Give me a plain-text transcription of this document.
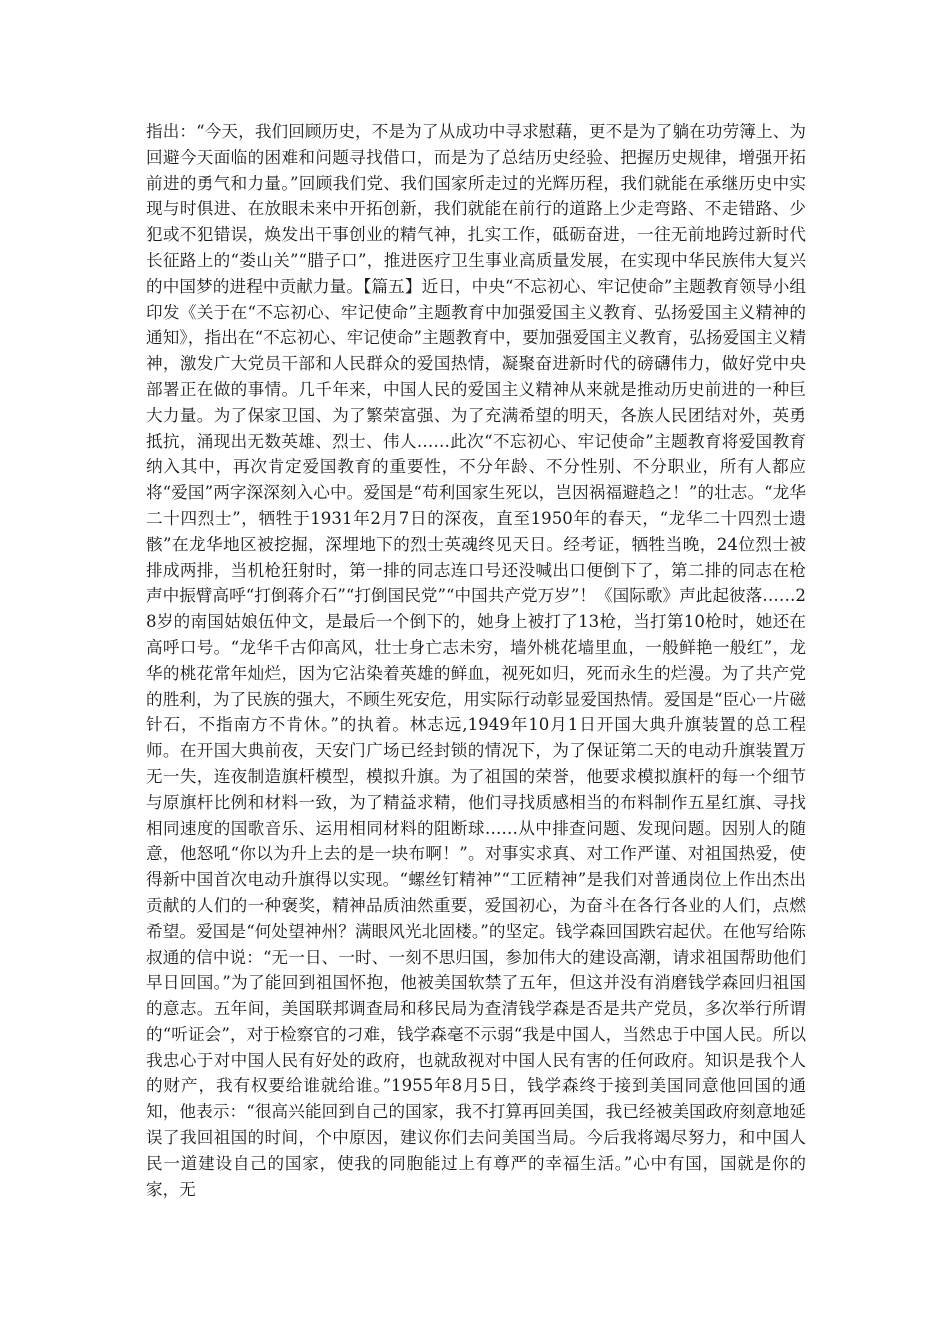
指出：“今天，我们回顾历史，不是为了从成功中寻求慰藉，更不是为了躺在功劳簿上、为回避今天面临的困难和问题寻找借口，而是为了总结历史经验、把握历史规律，增强开拓前进的勇气和力量。”回顾我们党、我们国家所走过的光辉历程，我们就能在承继历史中实现与时俱进、在放眼未来中开拓创新，我们就能在前行的道路上少走弯路、不走错路、少犯或不犯错误，焕发出干事创业的精气神，扎实工作，砥砺奋进，一往无前地跨过新时代长征路上的“娄山关”“腊子口”，推进医疗卫生事业高质量发展，在实现中华民族伟大复兴的中国梦的进程中贡献力量。【篇五】近日，中央“不忘初心、牢记使命”主题教育领导小组印发《关于在“不忘初心、牢记使命”主题教育中加强爱国主义教育、弘扬爱国主义精神的通知》，指出在“不忘初心、牢记使命”主题教育中，要加强爱国主义教育，弘扬爱国主义精神，激发广大党员干部和人民群众的爱国热情，凝聚奋进新时代的磅礴伟力，做好党中央部署正在做的事情。几千年来，中国人民的爱国主义精神从来就是推动历史前进的一种巨大力量。为了保家卫国、为了繁荣富强、为了充满希望的明天，各族人民团结对外，英勇抵抗，涌现出无数英雄、烈士、伟人……此次“不忘初心、牢记使命”主题教育将爱国教育纳入其中，再次肯定爱国教育的重要性，不分年龄、不分性别、不分职业，所有人都应将“爱国”两字深深刻入心中。爱国是“苟利国家生死以，岂因祸福避趋之！”的壮志。“龙华二十四烈士”，牺牲于1931年2月7日的深夜，直至1950年的春天，“龙华二十四烈士遗骸”在龙华地区被挖掘，深埋地下的烈士英魂终见天日。经考证，牺牲当晚，24位烈士被排成两排，当机枪狂射时，第一排的同志连口号还没喊出口便倒下了，第二排的同志在枪声中振臂高呼“打倒蒋介石”“打倒国民党”“中国共产党万岁”！《国际歌》声此起彼落……28岁的南国姑娘伍仲文，是最后一个倒下的，她身上被打了13枪，当打第10枪时，她还在高呼口号。“龙华千古仰高风，壮士身亡志未穷，墙外桃花墙里血，一般鲜艳一般红”，龙华的桃花常年灿烂，因为它沾染着英雄的鲜血，视死如归，死而永生的烂漫。为了共产党的胜利，为了民族的强大，不顾生死安危，用实际行动彰显爱国热情。爱国是“臣心一片磁针石，不指南方不肯休。”的执着。林志远,1949年10月1日开国大典升旗装置的总工程师。在开国大典前夜，天安门广场已经封锁的情况下，为了保证第二天的电动升旗装置万无一失，连夜制造旗杆模型，模拟升旗。为了祖国的荣誉，他要求模拟旗杆的每一个细节与原旗杆比例和材料一致，为了精益求精，他们寻找质感相当的布料制作五星红旗、寻找相同速度的国歌音乐、运用相同材料的阻断球……从中排查问题、发现问题。因别人的随意，他怒吼“你以为升上去的是一块布啊！”。对事实求真、对工作严谨、对祖国热爱，使得新中国首次电动升旗得以实现。“螺丝钉精神”“工匠精神”是我们对普通岗位上作出杰出贡献的人们的一种褒奖，精神品质油然重要，爱国初心，为奋斗在各行各业的人们，点燃希望。爱国是“何处望神州？满眼风光北固楼。”的坚定。钱学森回国跌宕起伏。在他写给陈叔通的信中说：“无一日、一时、一刻不思归国，参加伟大的建设高潮，请求祖国帮助他们早日回国。”为了能回到祖国怀抱，他被美国软禁了五年，但这并没有消磨钱学森回归祖国的意志。五年间，美国联邦调查局和移民局为查清钱学森是否是共产党员，多次举行所谓的“听证会”，对于检察官的刁难，钱学森毫不示弱“我是中国人，当然忠于中国人民。所以我忠心于对中国人民有好处的政府，也就敌视对中国人民有害的任何政府。知识是我个人的财产，我有权要给谁就给谁。”1955年8月5日，钱学森终于接到美国同意他回国的通知，他表示：“很高兴能回到自己的国家，我不打算再回美国，我已经被美国政府刻意地延误了我回祖国的时间，个中原因，建议你们去问美国当局。今后我将竭尽努力，和中国人民一道建设自己的国家，使我的同胞能过上有尊严的幸福生活。”心中有国，国就是你的家，无
